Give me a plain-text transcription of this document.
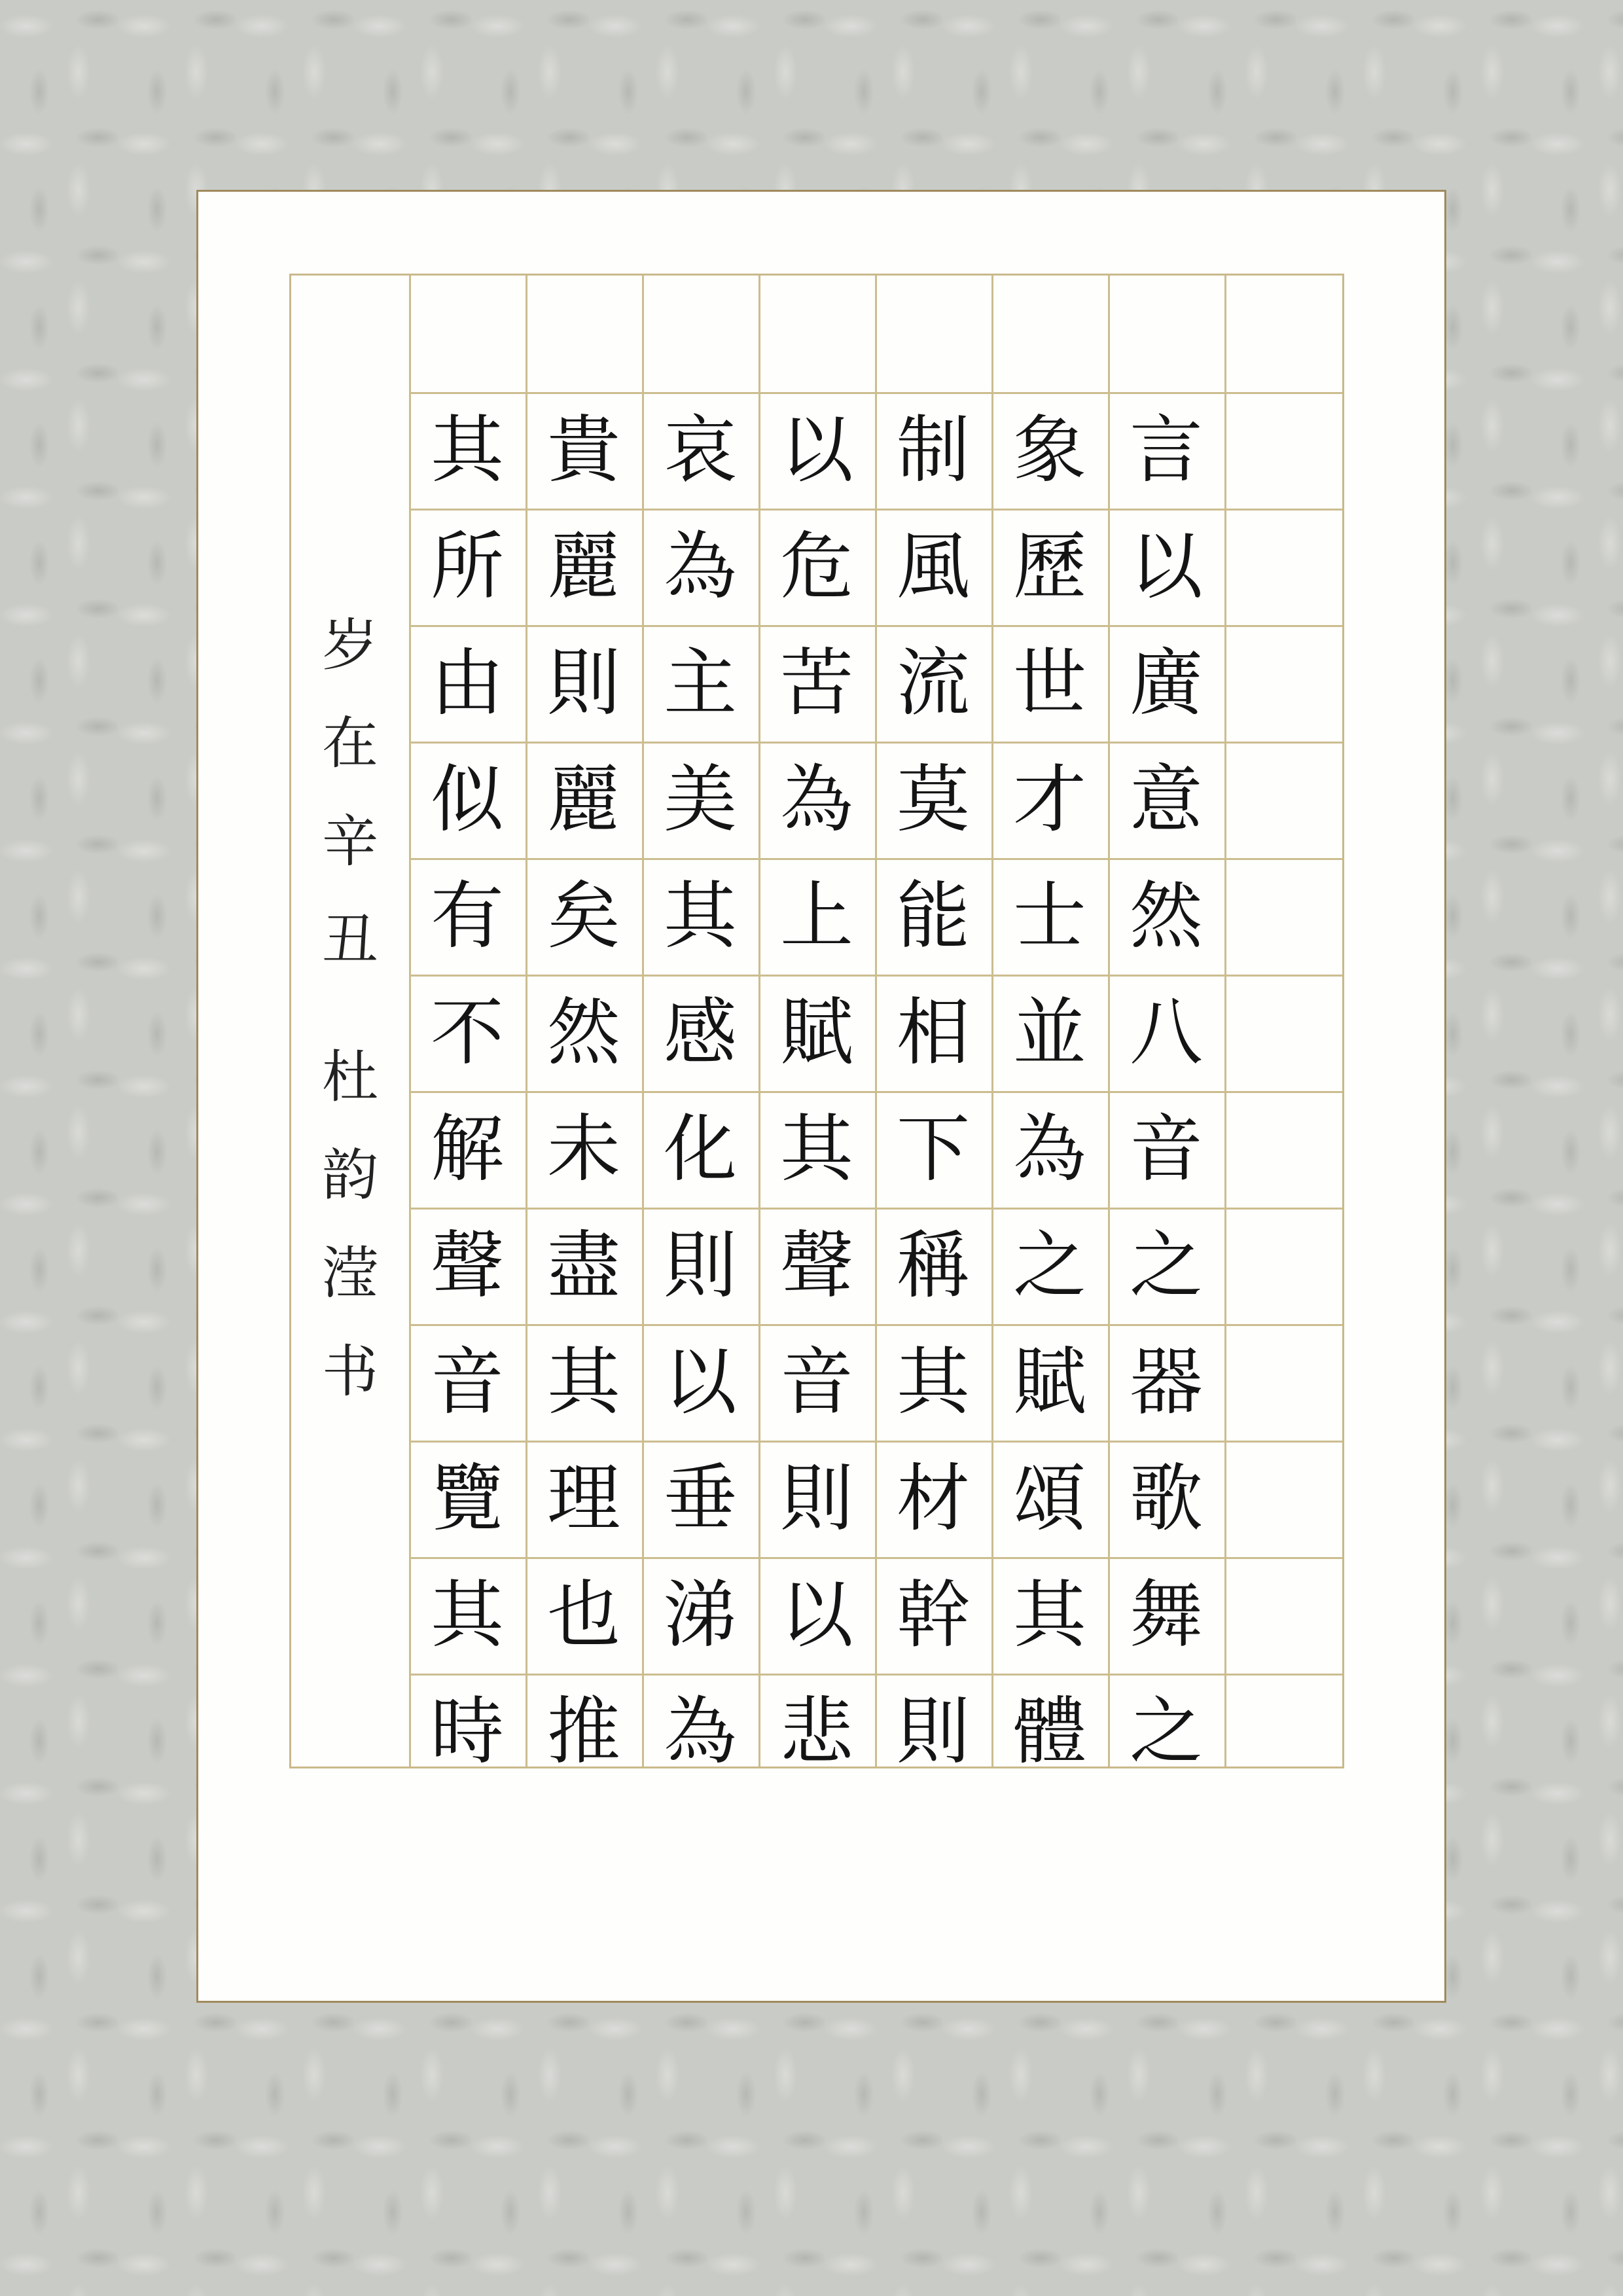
岁
在
辛
丑
杜
韵
滢
书
言
以
廣
意
然
八
音
之
器
歌
舞
之
象
歷
世
才
士
並
為
之
賦
頌
其
體
制
風
流
莫
能
相
下
稱
其
材
幹
則
以
危
苦
為
上
賦
其
聲
音
則
以
悲
哀
為
主
美
其
感
化
則
以
垂
涕
為
貴
麗
則
麗
矣
然
未
盡
其
理
也
推
其
所
由
似
有
不
解
聲
音
覽
其
時
